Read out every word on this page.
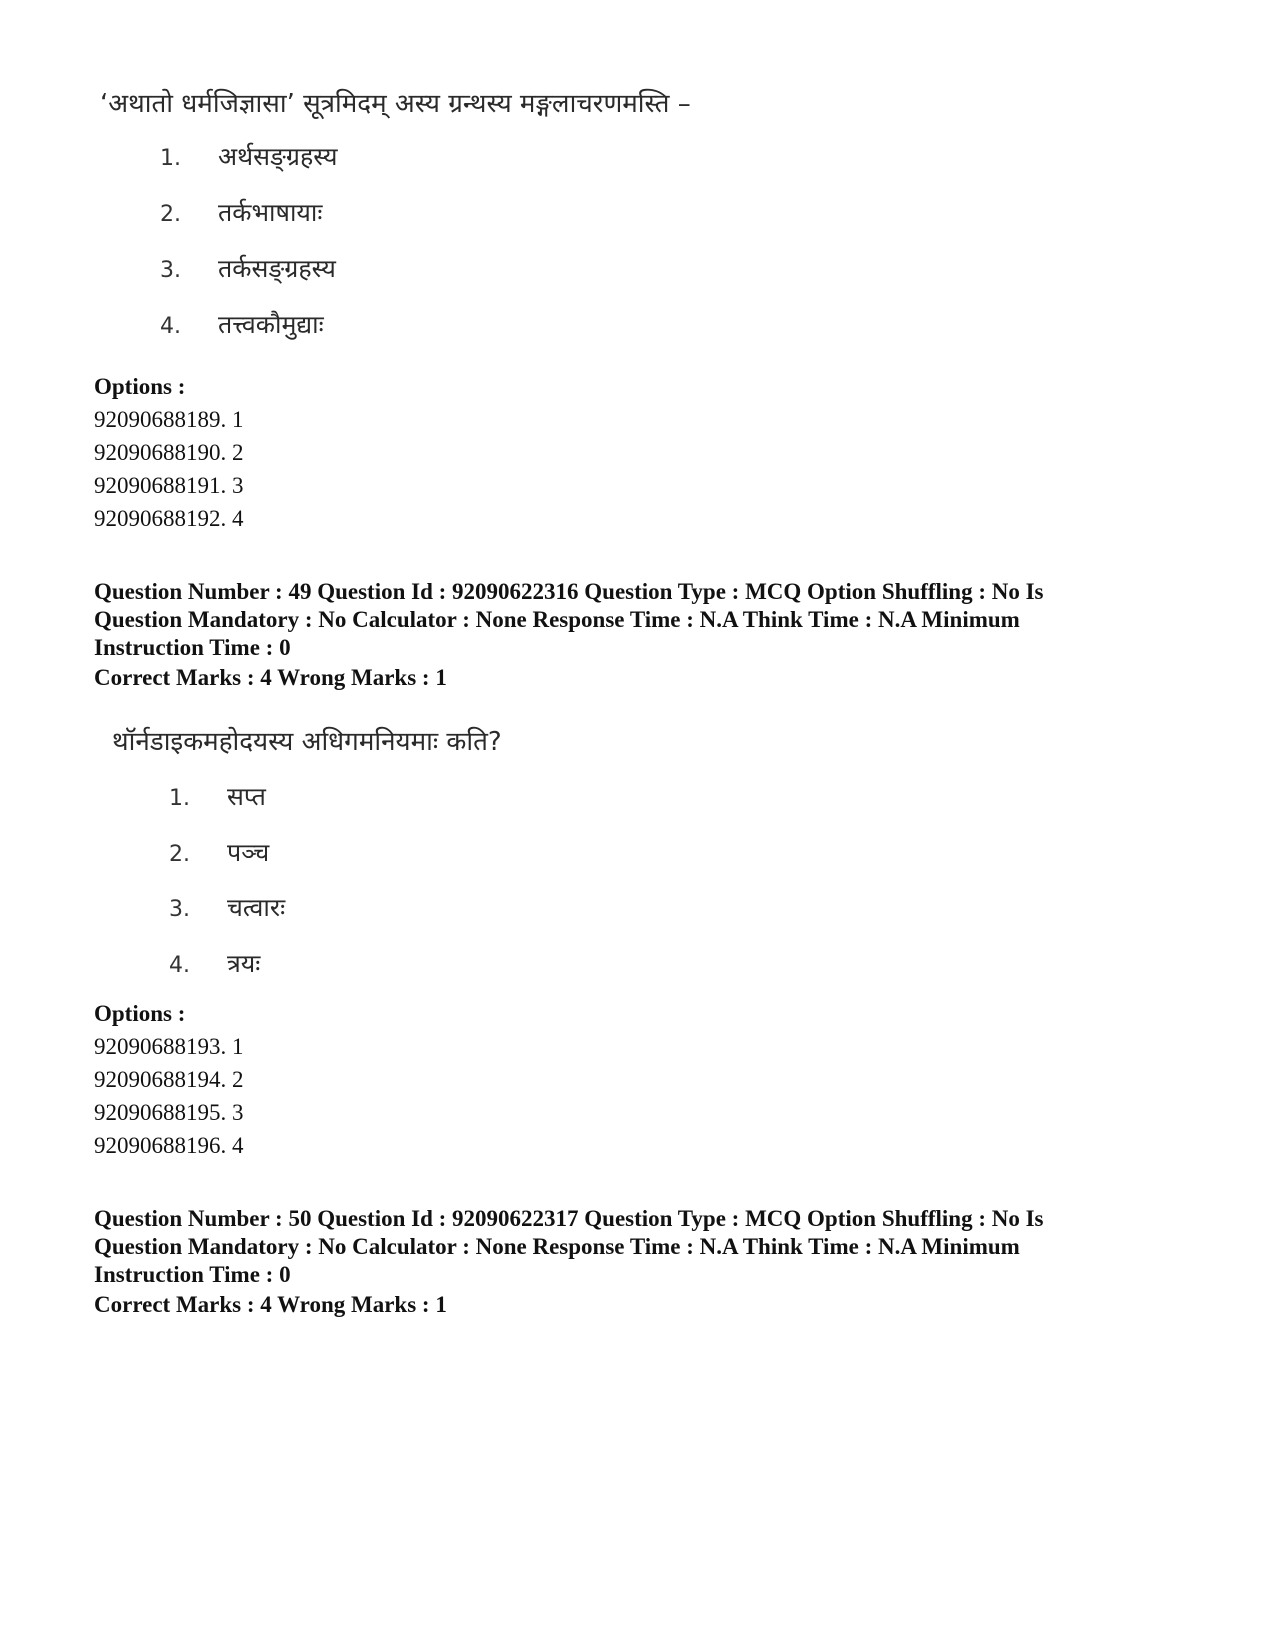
‘अथातो धर्मजिज्ञासा’ सूत्रमिदम् अस्य ग्रन्थस्य मङ्गलाचरणमस्ति –
1. अर्थसङ्ग्रहस्य
2. तर्कभाषायाः
3. तर्कसङ्ग्रहस्य
4. तत्त्वकौमुद्याः
Options :
92090688189. 1
92090688190. 2
92090688191. 3
92090688192. 4
Question Number : 49 Question Id : 92090622316 Question Type : MCQ Option Shuffling : No Is
Question Mandatory : No Calculator : None Response Time : N.A Think Time : N.A Minimum
Instruction Time : 0
Correct Marks : 4 Wrong Marks : 1
थॉर्नडाइकमहोदयस्य अधिगमनियमाः कति?
1. सप्त
2. पञ्च
3. चत्वारः
4. त्रयः
Options :
92090688193. 1
92090688194. 2
92090688195. 3
92090688196. 4
Question Number : 50 Question Id : 92090622317 Question Type : MCQ Option Shuffling : No Is
Question Mandatory : No Calculator : None Response Time : N.A Think Time : N.A Minimum
Instruction Time : 0
Correct Marks : 4 Wrong Marks : 1
